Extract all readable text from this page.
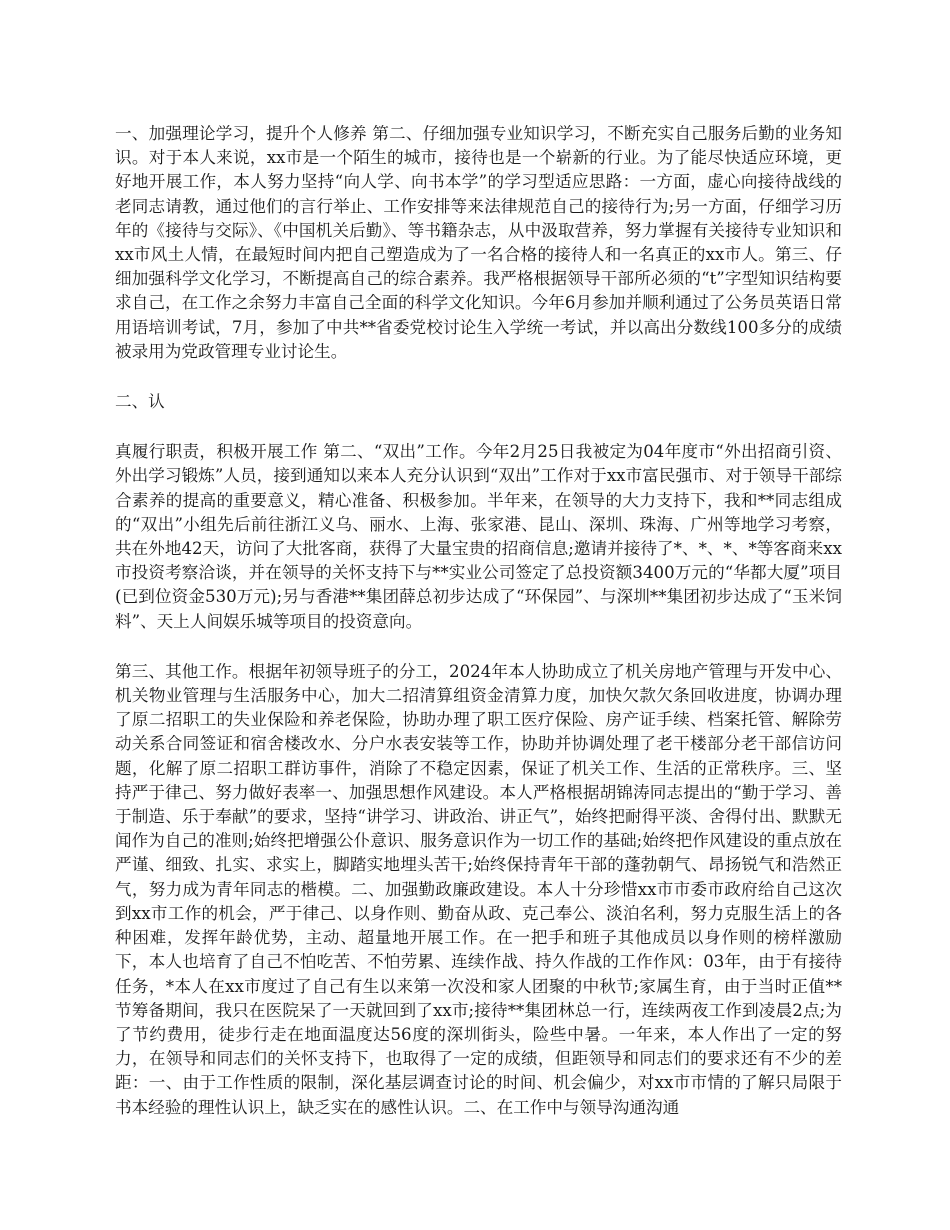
一、加强理论学习，提升个人修养 第二、仔细加强专业知识学习，不断充实自己服务后勤的业务知识。对于本人来说，xx市是一个陌生的城市，接待也是一个崭新的行业。为了能尽快适应环境，更好地开展工作，本人努力坚持“向人学、向书本学”的学习型适应思路：一方面，虚心向接待战线的老同志请教，通过他们的言行举止、工作安排等来法律规范自己的接待行为;另一方面，仔细学习历年的《接待与交际》、《中国机关后勤》、等书籍杂志，从中汲取营养，努力掌握有关接待专业知识和xx市风土人情，在最短时间内把自己塑造成为了一名合格的接待人和一名真正的xx市人。第三、仔细加强科学文化学习，不断提高自己的综合素养。我严格根据领导干部所必须的“t”字型知识结构要求自己，在工作之余努力丰富自己全面的科学文化知识。今年6月参加并顺利通过了公务员英语日常用语培训考试，7月，参加了中共**省委党校讨论生入学统一考试，并以高出分数线100多分的成绩被录用为党政管理专业讨论生。

二、认

真履行职责，积极开展工作 第二、“双出”工作。今年2月25日我被定为04年度市“外出招商引资、外出学习锻炼”人员，接到通知以来本人充分认识到“双出”工作对于xx市富民强市、对于领导干部综合素养的提高的重要意义，精心准备、积极参加。半年来，在领导的大力支持下，我和**同志组成的“双出”小组先后前往浙江义乌、丽水、上海、张家港、昆山、深圳、珠海、广州等地学习考察，共在外地42天，访问了大批客商，获得了大量宝贵的招商信息;邀请并接待了*、*、*、*等客商来xx市投资考察洽谈，并在领导的关怀支持下与**实业公司签定了总投资额3400万元的“华都大厦”项目(已到位资金530万元);另与香港**集团薛总初步达成了“环保园”、与深圳**集团初步达成了“玉米饲料”、天上人间娱乐城等项目的投资意向。

第三、其他工作。根据年初领导班子的分工，2024年本人协助成立了机关房地产管理与开发中心、机关物业管理与生活服务中心，加大二招清算组资金清算力度，加快欠款欠条回收进度，协调办理了原二招职工的失业保险和养老保险，协助办理了职工医疗保险、房产证手续、档案托管、解除劳动关系合同签证和宿舍楼改水、分户水表安装等工作，协助并协调处理了老干楼部分老干部信访问题，化解了原二招职工群访事件，消除了不稳定因素，保证了机关工作、生活的正常秩序。三、坚持严于律己、努力做好表率一、加强思想作风建设。本人严格根据胡锦涛同志提出的“勤于学习、善于制造、乐于奉献”的要求，坚持“讲学习、讲政治、讲正气”，始终把耐得平淡、舍得付出、默默无闻作为自己的准则;始终把增强公仆意识、服务意识作为一切工作的基础;始终把作风建设的重点放在严谨、细致、扎实、求实上，脚踏实地埋头苦干;始终保持青年干部的蓬勃朝气、昂扬锐气和浩然正气，努力成为青年同志的楷模。二、加强勤政廉政建设。本人十分珍惜xx市市委市政府给自己这次到xx市工作的机会，严于律己、以身作则、勤奋从政、克己奉公、淡泊名利，努力克服生活上的各种困难，发挥年龄优势，主动、超量地开展工作。在一把手和班子其他成员以身作则的榜样激励下，本人也培育了自己不怕吃苦、不怕劳累、连续作战、持久作战的工作作风：03年，由于有接待任务，*本人在xx市度过了自己有生以来第一次没和家人团聚的中秋节;家属生育，由于当时正值**节筹备期间，我只在医院呆了一天就回到了xx市;接待**集团林总一行，连续两夜工作到凌晨2点;为了节约费用，徒步行走在地面温度达56度的深圳街头，险些中暑。一年来，本人作出了一定的努力，在领导和同志们的关怀支持下，也取得了一定的成绩，但距领导和同志们的要求还有不少的差距：一、由于工作性质的限制，深化基层调查讨论的时间、机会偏少，对xx市市情的了解只局限于书本经验的理性认识上，缺乏实在的感性认识。二、在工作中与领导沟通沟通
